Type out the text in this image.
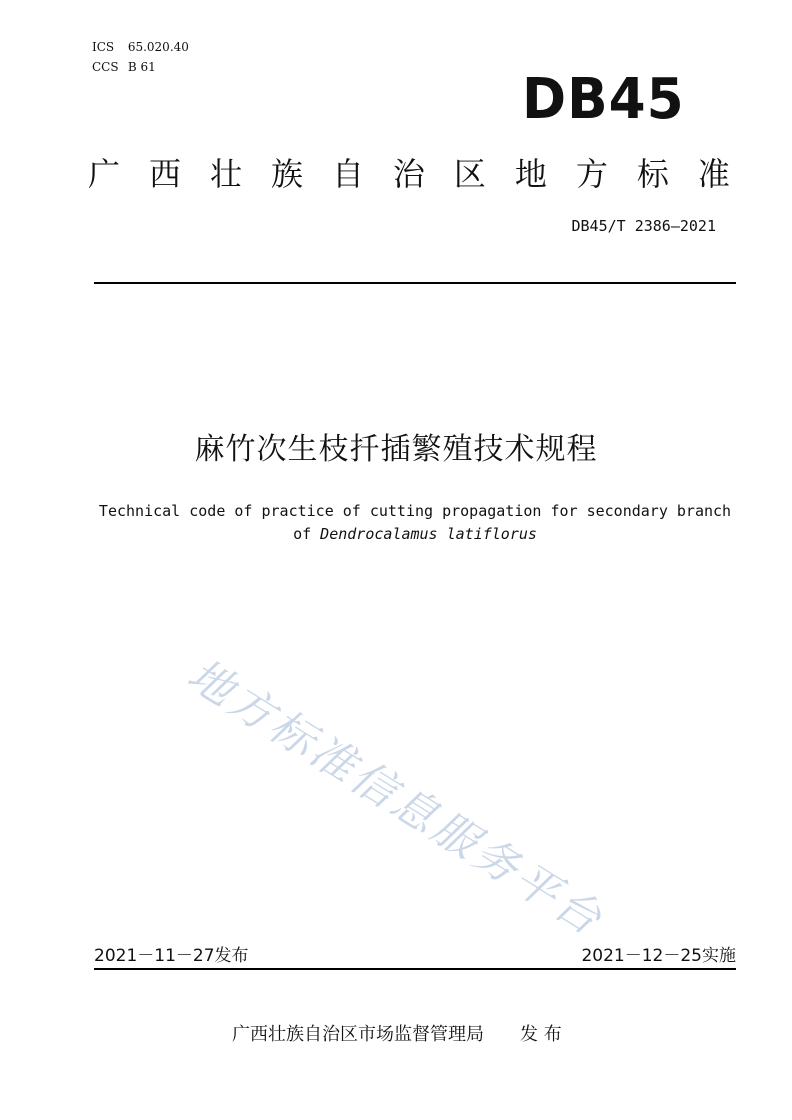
ICS 65.020.40
CCS B 61	DB45
广 西 壮 族 自 治 区 地 方 标 准
DB45/T 2386—2021
麻竹次生枝扦插繁殖技术规程
Technical code of practice of cutting propagation for secondary branch
of Dendrocalamus latiflorus
地方标准信息服务平台
2021－11－27发布	2021－12－25实施
广西壮族自治区市场监督管理局 发 布
